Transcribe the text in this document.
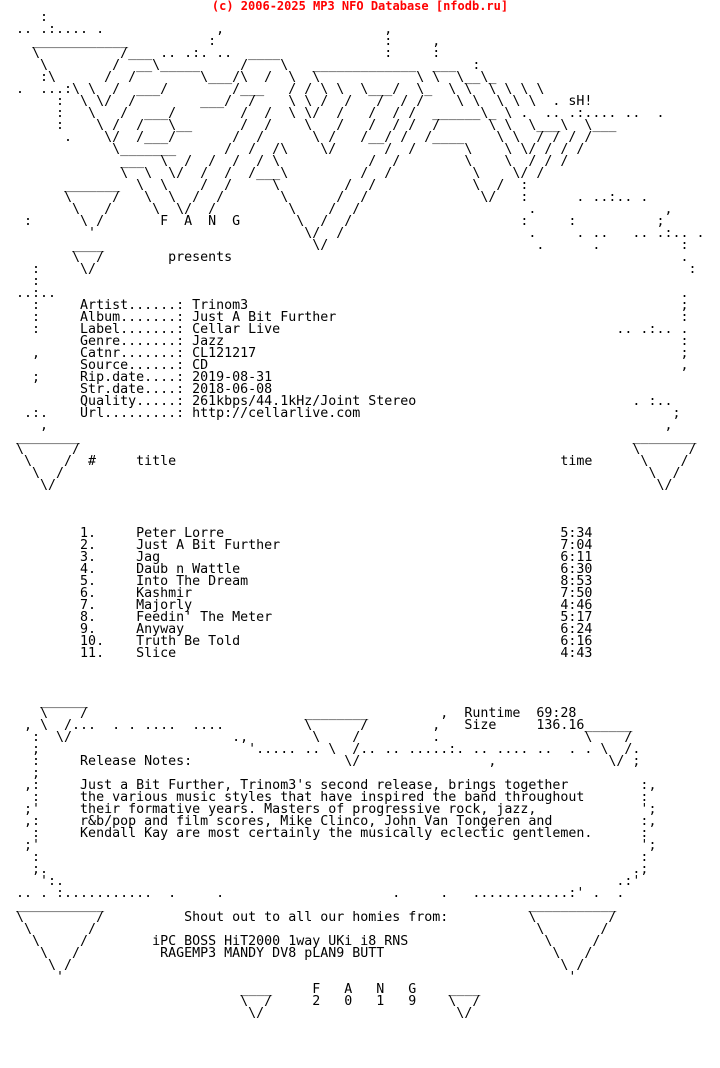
(c) 2006-2025 MP3 NFO Database [nfodb.ru]
:
.. .:.... .              ,                    ,
____________          :                     :     ,
\          /___ .. .:. ..  ____             :     :
\        /  __\_____     /    \   _____________  ___  :
:\      /  /        \___/\  /  \  \            \ \  \__\_
.  ...:\ \  /  ___/        /___   / / \ \  \___/  \_  \ \  \ \ \ \
:  \ \/  /        ___/  /    \ \ /  /   /  / /    \ \  \ \ \  . sH!
:   \   /  ___/        /  /  \ \/  /   /  / /  ______\_ \ .  .. .:.... ..  .
:    \ /  /   \__      /  /    \   /   /  / /  /      \ \  \___\  \___
.    \/  /___/       /  /      \ /   /__/ /  /____    \ \  / / / /
\_______      /  /  /\    \/      /  /      \    \ \/ / / /
___  \  /  /  /  / \           /  /        \    \  / / /
\  \  \/  /  /  /___\         /  /          \    \/ /
_______  \  \    /  /     \        /  /            \  /  :
\     /   \  \  /  /       \      /  /              \/   :      . ..:.. .
\   /     \  \/  /         \    /  /                     .                ,
:      \ /       F  A  N  G       \  /  /                     :     :          ;
'                          \/  /                       .     . ..   .. .:.. .
____                          \/                          .      .          :
\  /        presents                                                        .
:     \/                                                                          :
:
..:..                                                                              .
:     Artist......: Trinom3                                                      ;
:     Album.......: Just A Bit Further                                           :
:     Label.......: Cellar Live                                          .. .:.. .
Genre.......: Jazz                                                         :
,     Catnr.......: CL121217                                                     ;
Source......: CD                                                           ,
;     Rip.date....: 2019-08-31
Str.date....: 2018-06-08
Quality.....: 261kbps/44.1kHz/Joint Stereo                           . :..
.:.    Url.........: http://cellarlive.com                                       ;
,                                                                             ,
________                                                                     ________
\      /                                                                     \      /
\    /  #     title                                                time      \    /
\  /                                                                         \  /
\/                                                                           \/

1.     Peter Lorre                                          5:34
2.     Just A Bit Further                                   7:04
3.     Jag                                                  6:11
4.     Daub n Wattle                                        6:30
5.     Into The Dream                                       8:53
6.     Kashmir                                              7:50
7.     Majorly                                              4:46
8.     Feedin' The Meter                                    5:17
9.     Anyway                                               6:24
10.    Truth Be Told                                        6:16
11.    Slice                                                4:43

______
\    /                           ________         ,  Runtime  69:28
, \  /...  . . ....  ....          \      /        ,   Size     136.16______
:  \/                    .,        \    /         .                  \    /
;                          '..... .. \  /.. .. .....:. .. .... ..  . . \  /.
:     Release Notes:                   \/                ,              \/ ;
;
,:     Just a Bit Further, Trinom3's second release, brings together         :,
:     the various music styles that have inspired the band throughout       :
;'     their formative years. Masters of progressive rock, jazz,             ';
,:     r&b/pop and film scores, Mike Clinco, John Van Tongeren and           :,
:     Kendall Kay are most certainly the musically eclectic gentlemen.      :
;'                                                                           ';
:                                                                           :
;.                                                                         .;
':.                                                                     .:'
.. . :...........  .     .                     .     .   ............:' .  .
___________                                                     ___________
\         /          Shout out to all our homies from:          \         /
\       /                                                       \       /
\     /        iPC BOSS HiT2000 1way UKi i8 RNS                 \     /
\   /          RAGEMP3 MANDY DV8 pLAN9 BUTT                     \   /
\ /                                                             \ /
'                                                               '
____     F   A   N   G    ____
\  /     2   0   1   9    \  /
\/                        \/
